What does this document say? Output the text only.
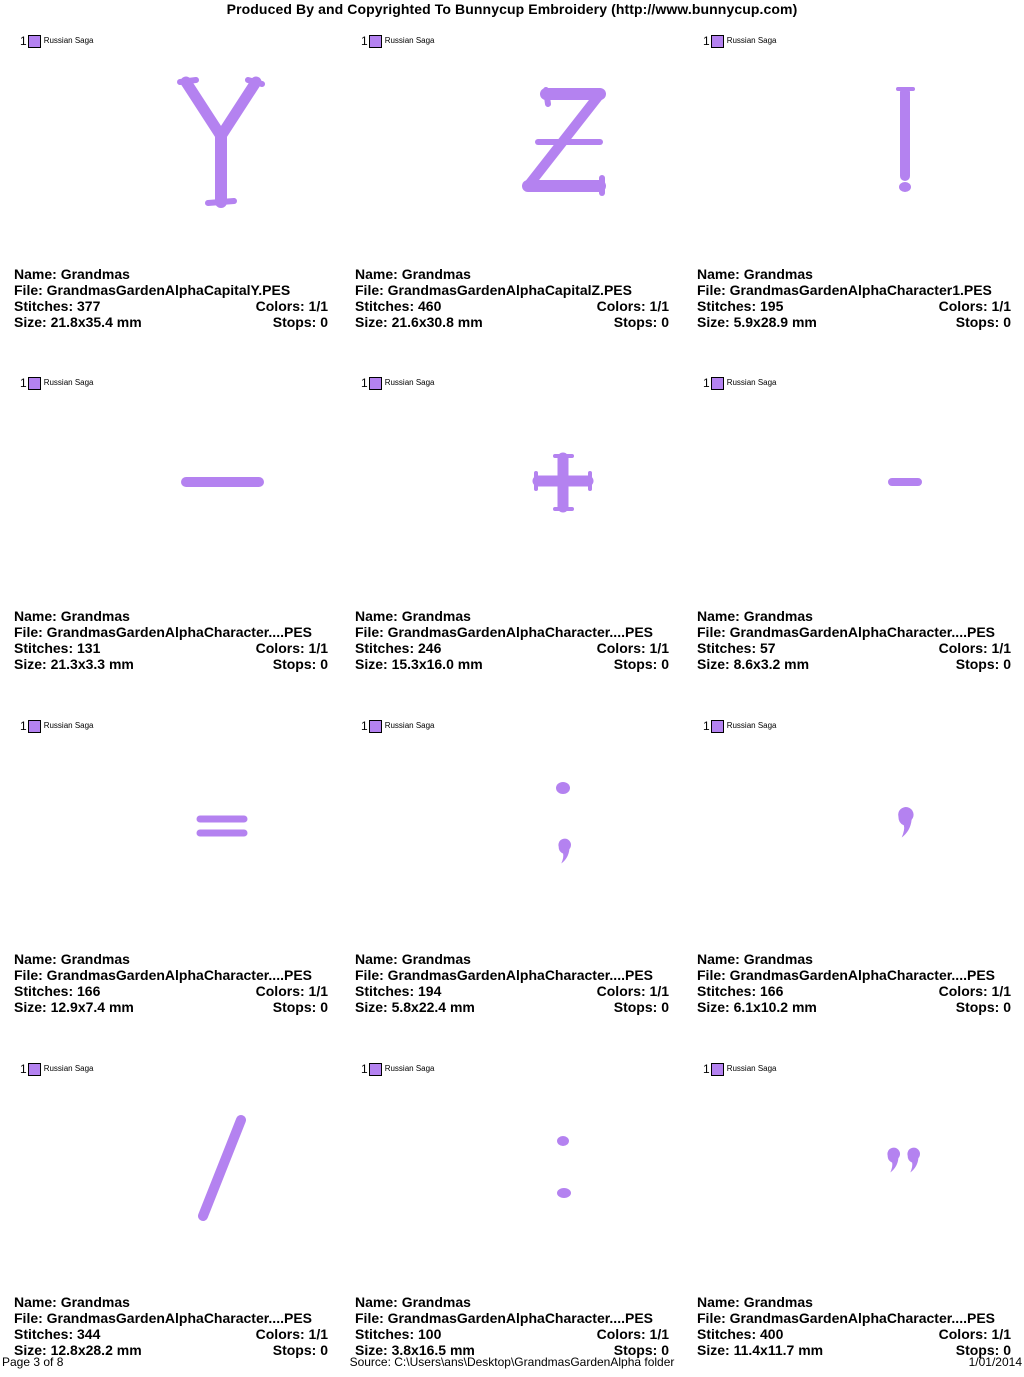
Produced By and Copyrighted To Bunnycup Embroidery (http://www.bunnycup.com)
1 Russian Saga
Name: Grandmas
File: GrandmasGardenAlphaCapitalY.PES
Stitches: 377	Colors: 1/1
Size: 21.8x35.4 mm	Stops: 0
1 Russian Saga
Name: Grandmas
File: GrandmasGardenAlphaCapitalZ.PES
Stitches: 460	Colors: 1/1
Size: 21.6x30.8 mm	Stops: 0
1 Russian Saga
Name: Grandmas
File: GrandmasGardenAlphaCharacter1.PES
Stitches: 195	Colors: 1/1
Size: 5.9x28.9 mm	Stops: 0
1 Russian Saga
Name: Grandmas
File: GrandmasGardenAlphaCharacter....PES
Stitches: 131	Colors: 1/1
Size: 21.3x3.3 mm	Stops: 0
1 Russian Saga
Name: Grandmas
File: GrandmasGardenAlphaCharacter....PES
Stitches: 246	Colors: 1/1
Size: 15.3x16.0 mm	Stops: 0
1 Russian Saga
Name: Grandmas
File: GrandmasGardenAlphaCharacter....PES
Stitches: 57	Colors: 1/1
Size: 8.6x3.2 mm	Stops: 0
1 Russian Saga
Name: Grandmas
File: GrandmasGardenAlphaCharacter....PES
Stitches: 166	Colors: 1/1
Size: 12.9x7.4 mm	Stops: 0
1 Russian Saga
Name: Grandmas
File: GrandmasGardenAlphaCharacter....PES
Stitches: 194	Colors: 1/1
Size: 5.8x22.4 mm	Stops: 0
1 Russian Saga
Name: Grandmas
File: GrandmasGardenAlphaCharacter....PES
Stitches: 166	Colors: 1/1
Size: 6.1x10.2 mm	Stops: 0
1 Russian Saga
Name: Grandmas
File: GrandmasGardenAlphaCharacter....PES
Stitches: 344	Colors: 1/1
Size: 12.8x28.2 mm	Stops: 0
1 Russian Saga
Name: Grandmas
File: GrandmasGardenAlphaCharacter....PES
Stitches: 100	Colors: 1/1
Size: 3.8x16.5 mm	Stops: 0
1 Russian Saga
Name: Grandmas
File: GrandmasGardenAlphaCharacter....PES
Stitches: 400	Colors: 1/1
Size: 11.4x11.7 mm	Stops: 0
Page 3 of 8	Source: C:\Users\ans\Desktop\GrandmasGardenAlpha folder	1/01/2014
